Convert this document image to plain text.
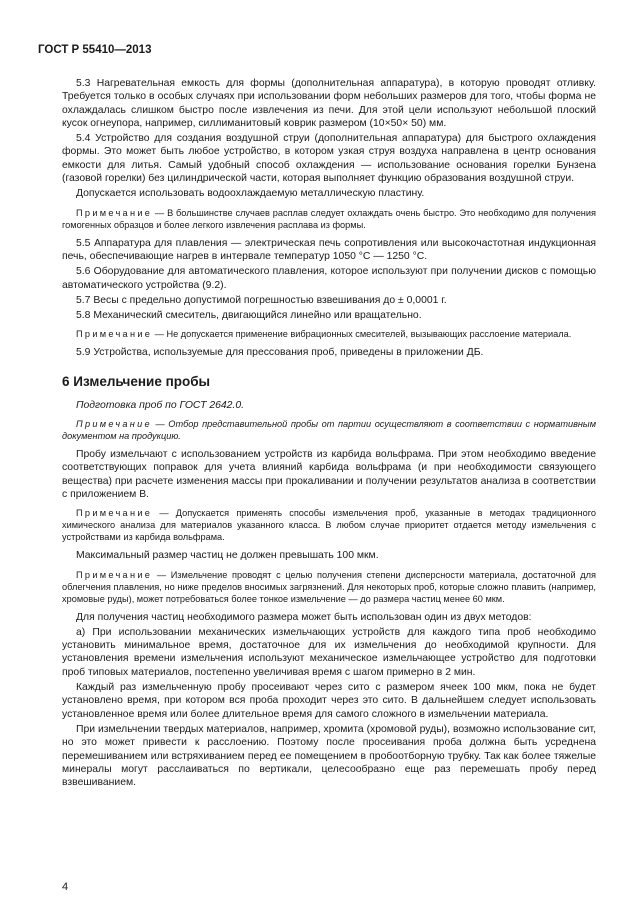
ГОСТ Р 55410—2013

5.3 Нагревательная емкость для формы (дополнительная аппаратура), в которую проводят отливку. Требуется только в особых случаях при использовании форм небольших размеров для того, чтобы форма не охлаждалась слишком быстро после извлечения из печи. Для этой цели используют небольшой плоский кусок огнеупора, например, силлиманитовый коврик размером (10×50× 50) мм.

5.4 Устройство для создания воздушной струи (дополнительная аппаратура) для быстрого охлаждения формы. Это может быть любое устройство, в котором узкая струя воздуха направлена в центр основания емкости для литья. Самый удобный способ охлаждения — использование основания горелки Бунзена (газовой горелки) без цилиндрической части, которая выполняет функцию образования воздушной струи.

Допускается использовать водоохлаждаемую металлическую пластину.

Примечание — В большинстве случаев расплав следует охлаждать очень быстро. Это необходимо для получения гомогенных образцов и более легкого извлечения расплава из формы.

5.5 Аппаратура для плавления — электрическая печь сопротивления или высокочастотная индукционная печь, обеспечивающие нагрев в интервале температур 1050 °С — 1250 °С.

5.6 Оборудование для автоматического плавления, которое используют при получении дисков с помощью автоматического устройства (9.2).

5.7 Весы с предельно допустимой погрешностью взвешивания до ± 0,0001 г.

5.8 Механический смеситель, двигающийся линейно или вращательно.

Примечание — Не допускается применение вибрационных смесителей, вызывающих расслоение материала.

5.9 Устройства, используемые для прессования проб, приведены в приложении ДБ.

6 Измельчение пробы

Подготовка проб по ГОСТ 2642.0.

Примечание — Отбор представительной пробы от партии осуществляют в соответствии с нормативным документом на продукцию.

Пробу измельчают с использованием устройств из карбида вольфрама. При этом необходимо введение соответствующих поправок для учета влияний карбида вольфрама (и при необходимости связующего вещества) при расчете изменения массы при прокаливании и получении результатов анализа в соответствии с приложением В.

Примечание — Допускается применять способы измельчения проб, указанные в методах традиционного химического анализа для материалов указанного класса. В любом случае приоритет отдается методу измельчения с устройствами из карбида вольфрама.

Максимальный размер частиц не должен превышать 100 мкм.

Примечание — Измельчение проводят с целью получения степени дисперсности материала, достаточной для облегчения плавления, но ниже пределов вносимых загрязнений. Для некоторых проб, которые сложно плавить (например, хромовые руды), может потребоваться более тонкое измельчение — до размера частиц менее 60 мкм.

Для получения частиц необходимого размера может быть использован один из двух методов:

а) При использовании механических измельчающих устройств для каждого типа проб необходимо установить минимальное время, достаточное для их измельчения до необходимой крупности. Для установления времени измельчения используют механическое измельчающее устройство для подготовки проб типовых материалов, постепенно увеличивая время с шагом примерно в 2 мин.

Каждый раз измельченную пробу просеивают через сито с размером ячеек 100 мкм, пока не будет установлено время, при котором вся проба проходит через это сито. В дальнейшем следует использовать установленное время или более длительное время для самого сложного в измельчении материала.

При измельчении твердых материалов, например, хромита (хромовой руды), возможно использование сит, но это может привести к расслоению. Поэтому после просеивания проба должна быть усреднена перемешиванием или встряхиванием перед ее помещением в пробоотборную трубку. Так как более тяжелые минералы могут расслаиваться по вертикали, целесообразно еще раз перемешать пробу перед взвешиванием.

4
